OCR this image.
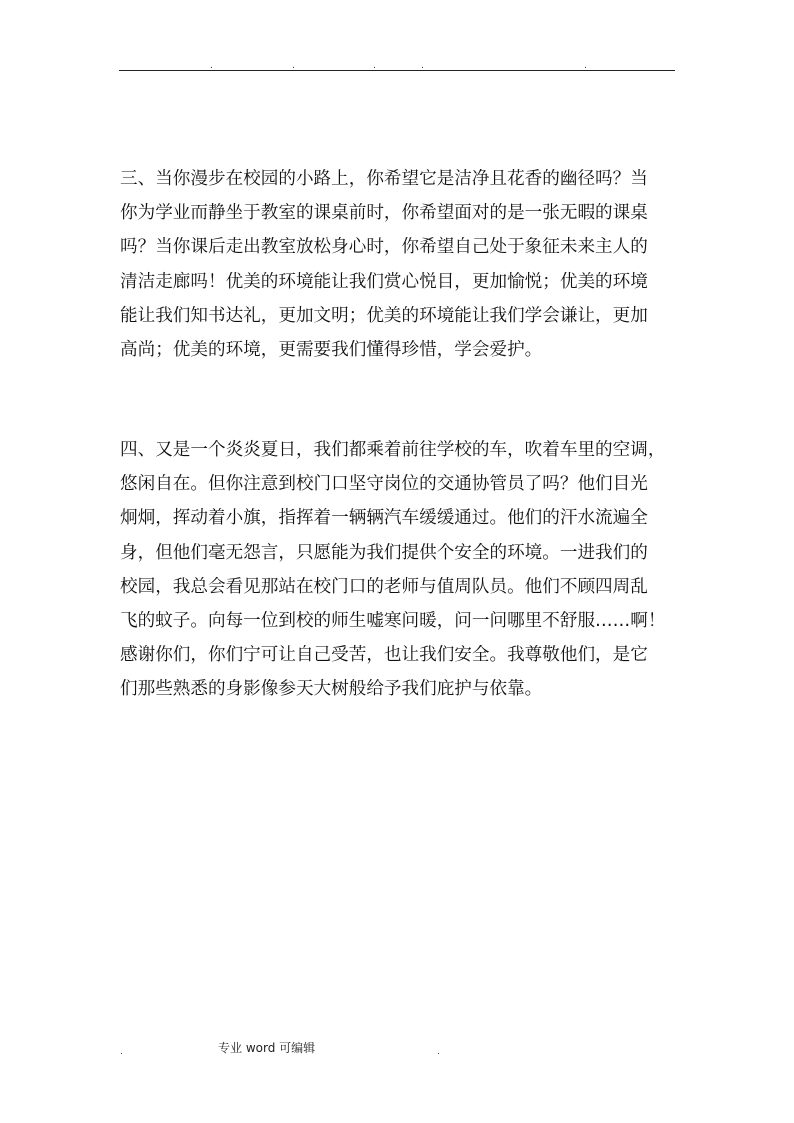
.	.	.	.	.

三、当你漫步在校园的小路上，你希望它是洁净且花香的幽径吗？当
你为学业而静坐于教室的课桌前时，你希望面对的是一张无暇的课桌
吗？当你课后走出教室放松身心时，你希望自己处于象征未来主人的
清洁走廊吗！优美的环境能让我们赏心悦目，更加愉悦；优美的环境
能让我们知书达礼，更加文明；优美的环境能让我们学会谦让，更加
高尚；优美的环境，更需要我们懂得珍惜，学会爱护。

四、又是一个炎炎夏日，我们都乘着前往学校的车，吹着车里的空调，
悠闲自在。但你注意到校门口坚守岗位的交通协管员了吗？他们目光
炯炯，挥动着小旗，指挥着一辆辆汽车缓缓通过。他们的汗水流遍全
身，但他们毫无怨言，只愿能为我们提供个安全的环境。一进我们的
校园，我总会看见那站在校门口的老师与值周队员。他们不顾四周乱
飞的蚊子。向每一位到校的师生嘘寒问暖，问一问哪里不舒服……啊！
感谢你们，你们宁可让自己受苦，也让我们安全。我尊敬他们，是它
们那些熟悉的身影像参天大树般给予我们庇护与依靠。

.	专业 word 可编辑	.
